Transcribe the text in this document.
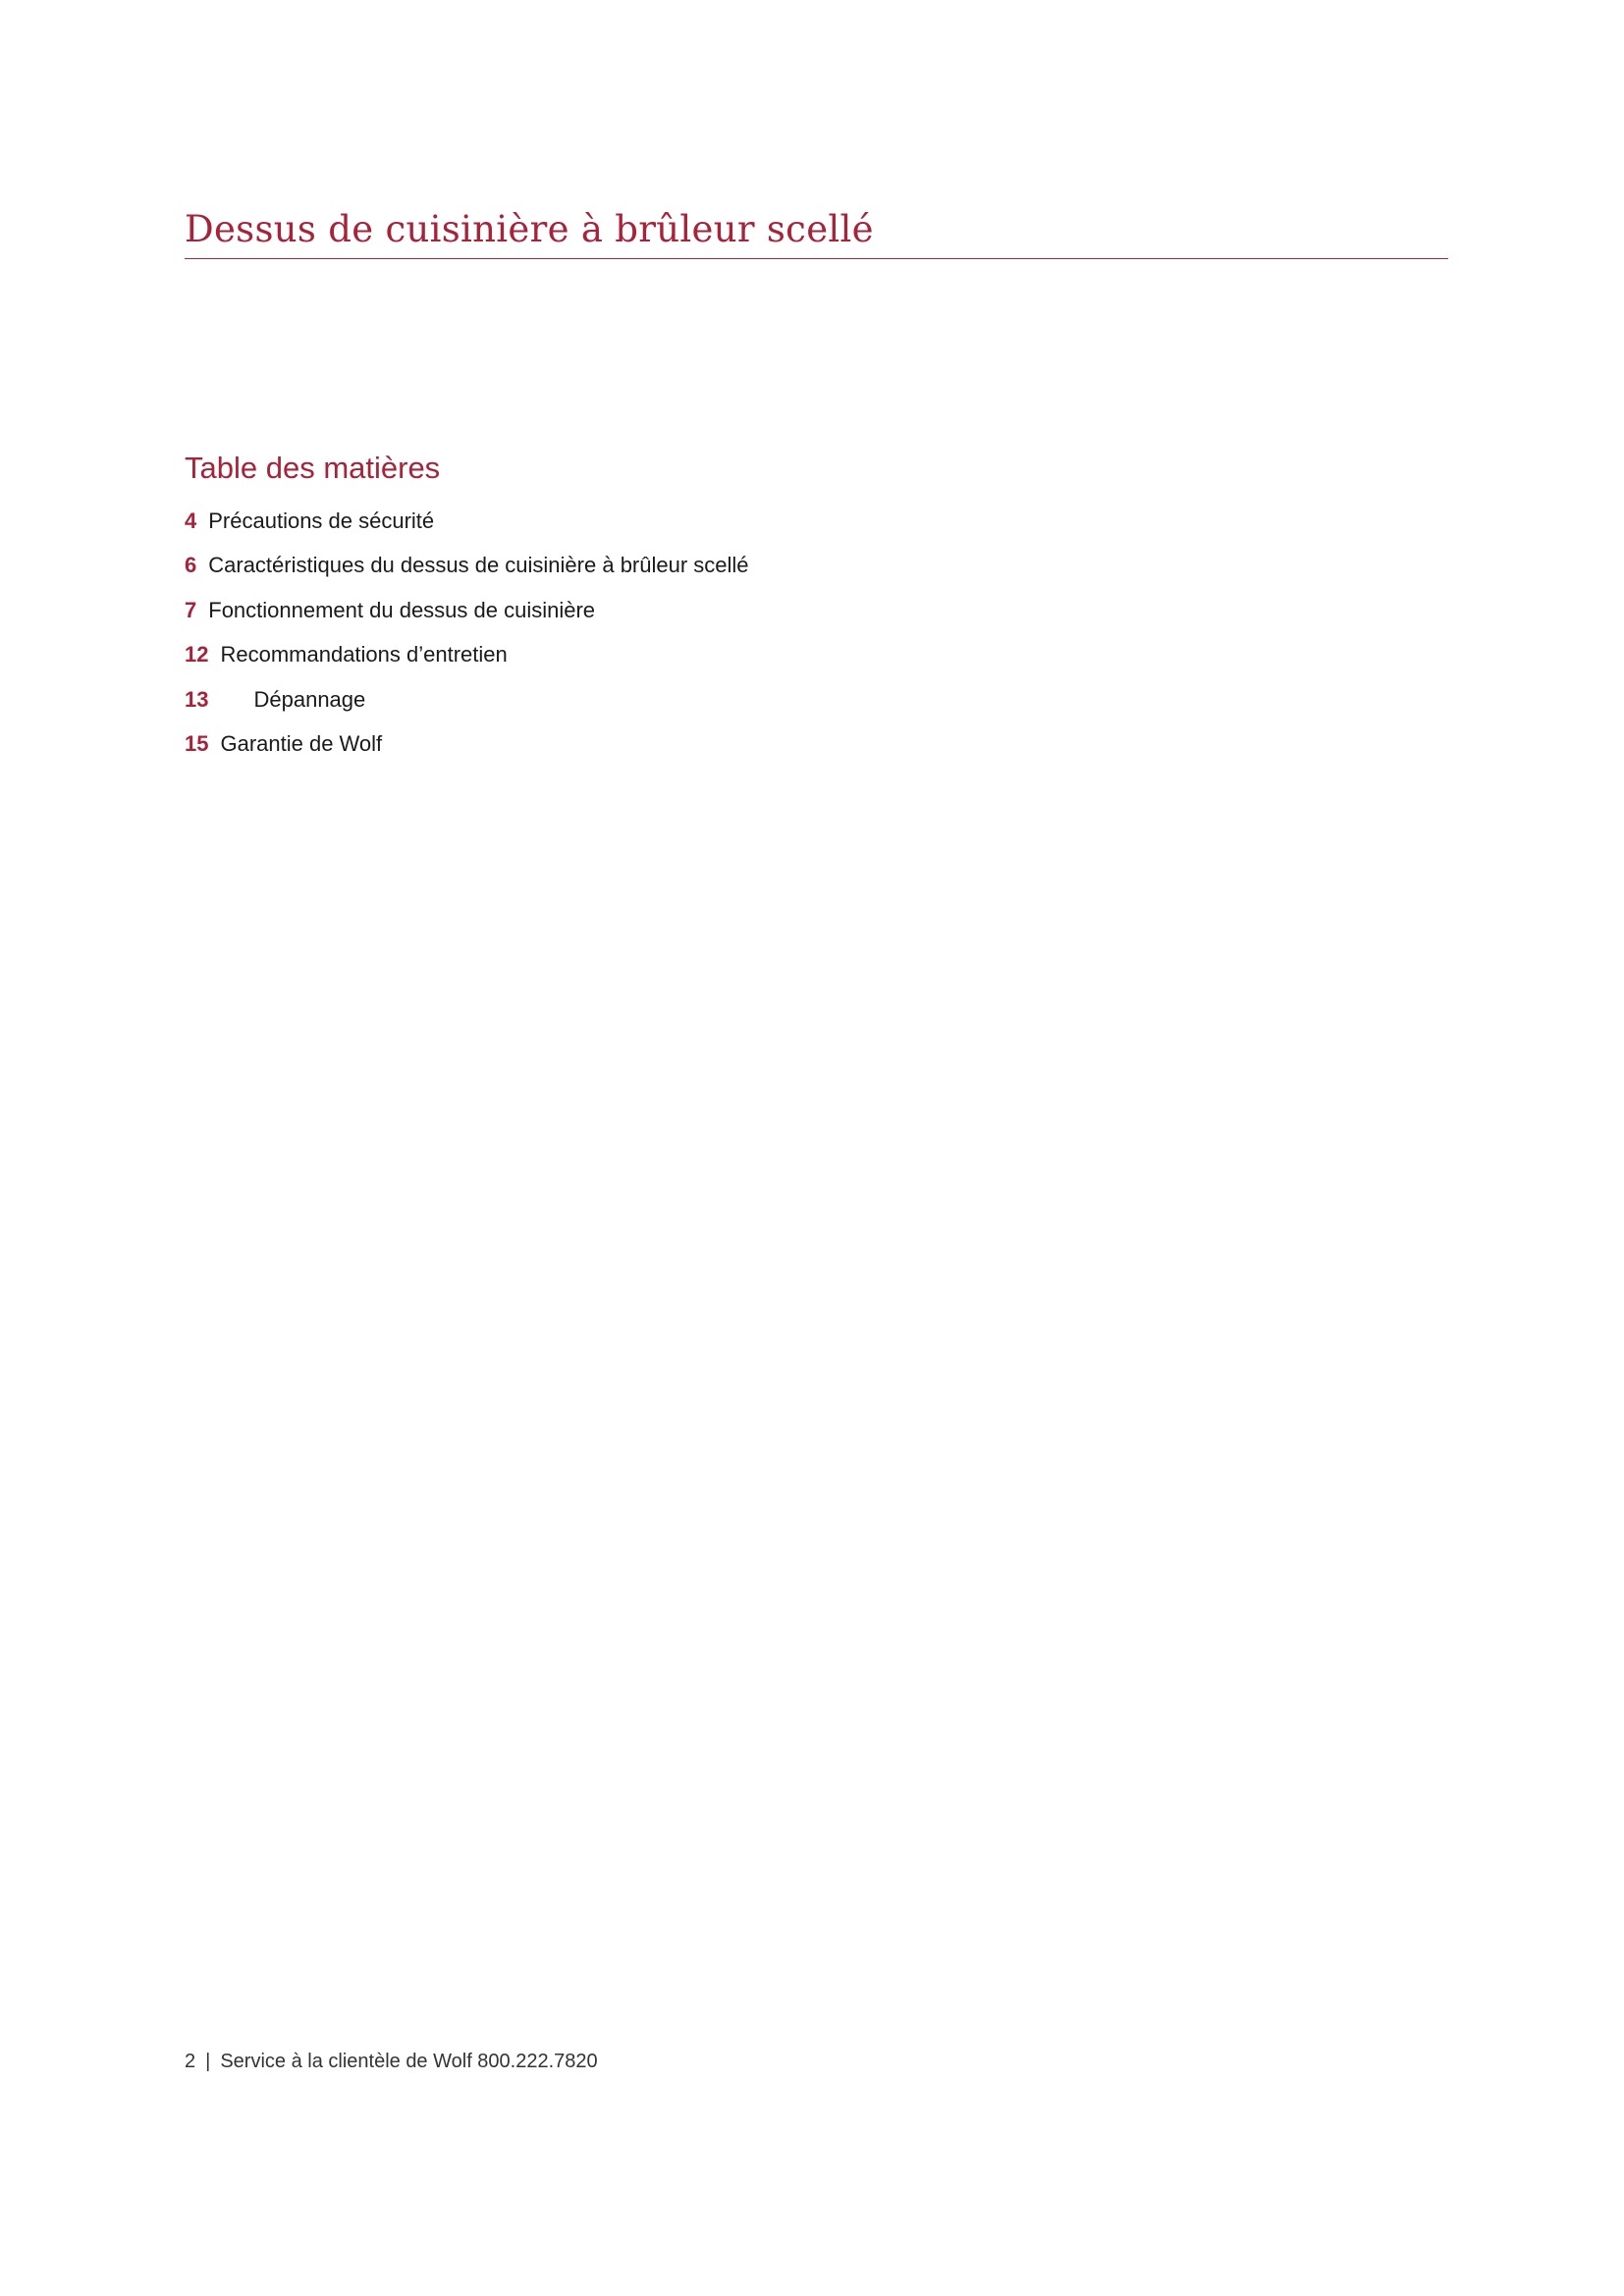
Dessus de cuisinière à brûleur scellé
Table des matières
4 Précautions de sécurité
6 Caractéristiques du dessus de cuisinière à brûleur scellé
7 Fonctionnement du dessus de cuisinière
12 Recommandations d’entretien
13 Dépannage
15 Garantie de Wolf
2 | Service à la clientèle de Wolf 800.222.7820
